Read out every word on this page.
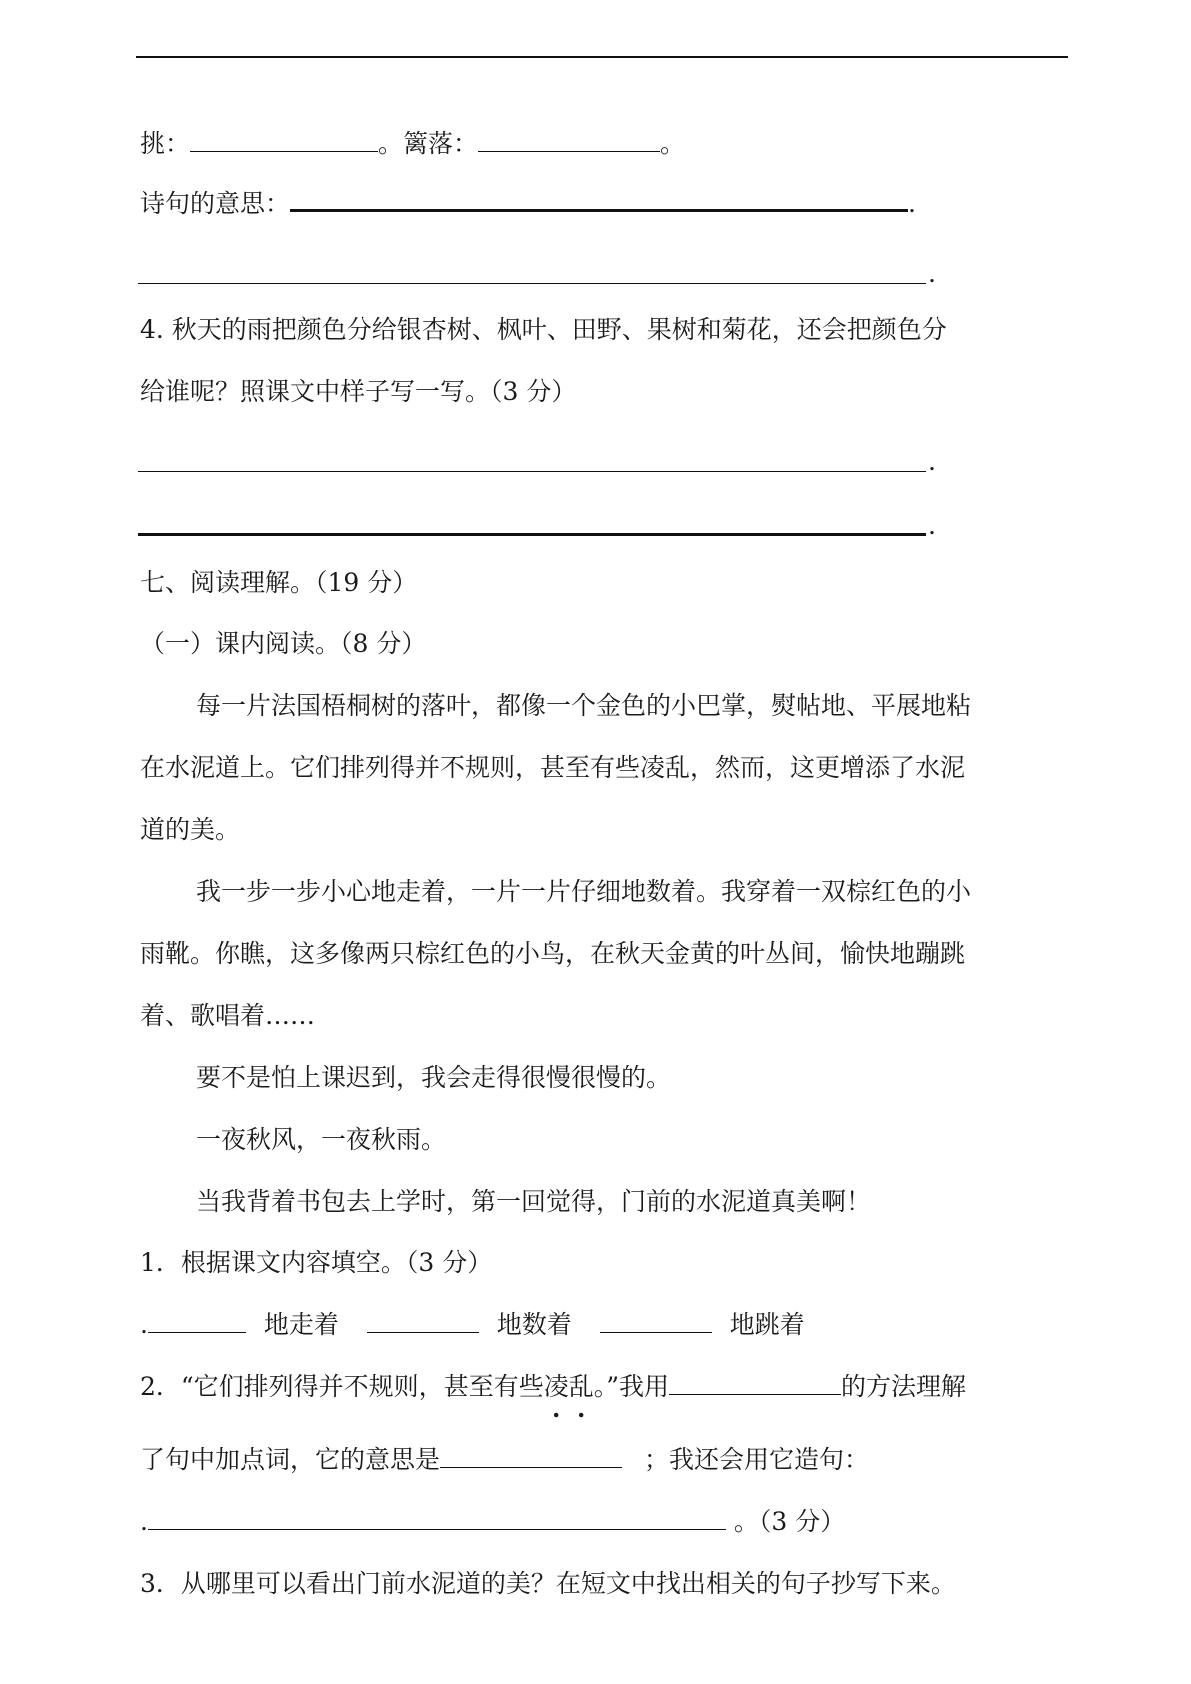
挑：	。篱落：	。
诗句的意思：	.
.
4. 秋天的雨把颜色分给银杏树、枫叶、田野、果树和菊花，还会把颜色分
给谁呢？照课文中样子写一写。（3 分）
.
.
七、阅读理解。（19 分）
（一）课内阅读。（8 分）
每一片法国梧桐树的落叶，都像一个金色的小巴掌，熨帖地、平展地粘
在水泥道上。它们排列得并不规则，甚至有些凌乱，然而，这更增添了水泥
道的美。
我一步一步小心地走着，一片一片仔细地数着。我穿着一双棕红色的小
雨靴。你瞧，这多像两只棕红色的小鸟，在秋天金黄的叶丛间，愉快地蹦跳
着、歌唱着……
要不是怕上课迟到，我会走得很慢很慢的。
一夜秋风，一夜秋雨。
当我背着书包去上学时，第一回觉得，门前的水泥道真美啊！
1．根据课文内容填空。（3 分）
.	地走着	地数着	地跳着
2．“它们排列得并不规则，甚至有些凌乱。”我用	的方法理解
了句中加点词，它的意思是	；我还会用它造句：
.	。（3 分）
3．从哪里可以看出门前水泥道的美？在短文中找出相关的句子抄写下来。
